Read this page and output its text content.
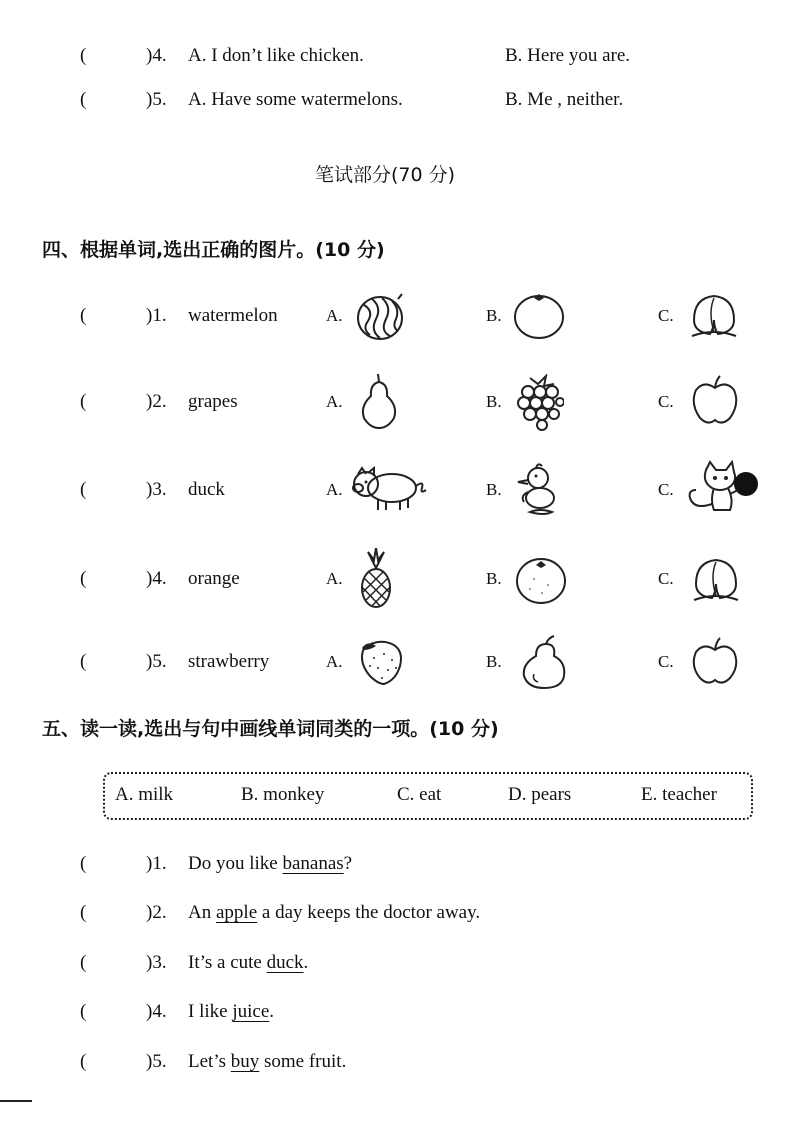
(	)4. A. I don’t like chicken.	B. Here you are.
(	)5. A. Have some watermelons.	B. Me , neither.
笔试部分(70 分)
四、根据单词,选出正确的图片。(10 分)
(	)1. watermelon	A.	B.	C.
(	)2. grapes	A.	B.	C.
(	)3. duck	A.	B.	C.
(	)4. orange	A.	B.	C.
(	)5. strawberry	A.	B.	C.
五、读一读,选出与句中画线单词同类的一项。(10 分)
A. milk	B. monkey	C. eat	D. pears	E. teacher
(	)1. Do you like bananas?
(	)2. An apple a day keeps the doctor away.
(	)3. It’s a cute duck.
(	)4. I like juice.
(	)5. Let’s buy some fruit.
